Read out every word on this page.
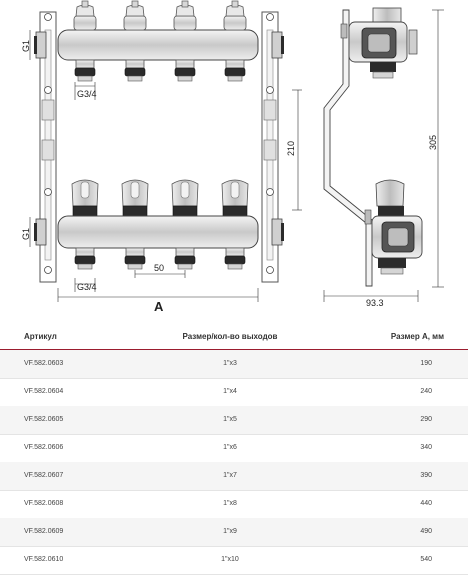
G1
G1
G3/4
G3/4
210
50
A
305
93.3
Артикул	Размер/кол-во выходов	Размер А, мм
VF.582.0603	1"x3	190
VF.582.0604	1"x4	240
VF.582.0605	1"x5	290
VF.582.0606	1"x6	340
VF.582.0607	1"x7	390
VF.582.0608	1"x8	440
VF.582.0609	1"x9	490
VF.582.0610	1"x10	540
